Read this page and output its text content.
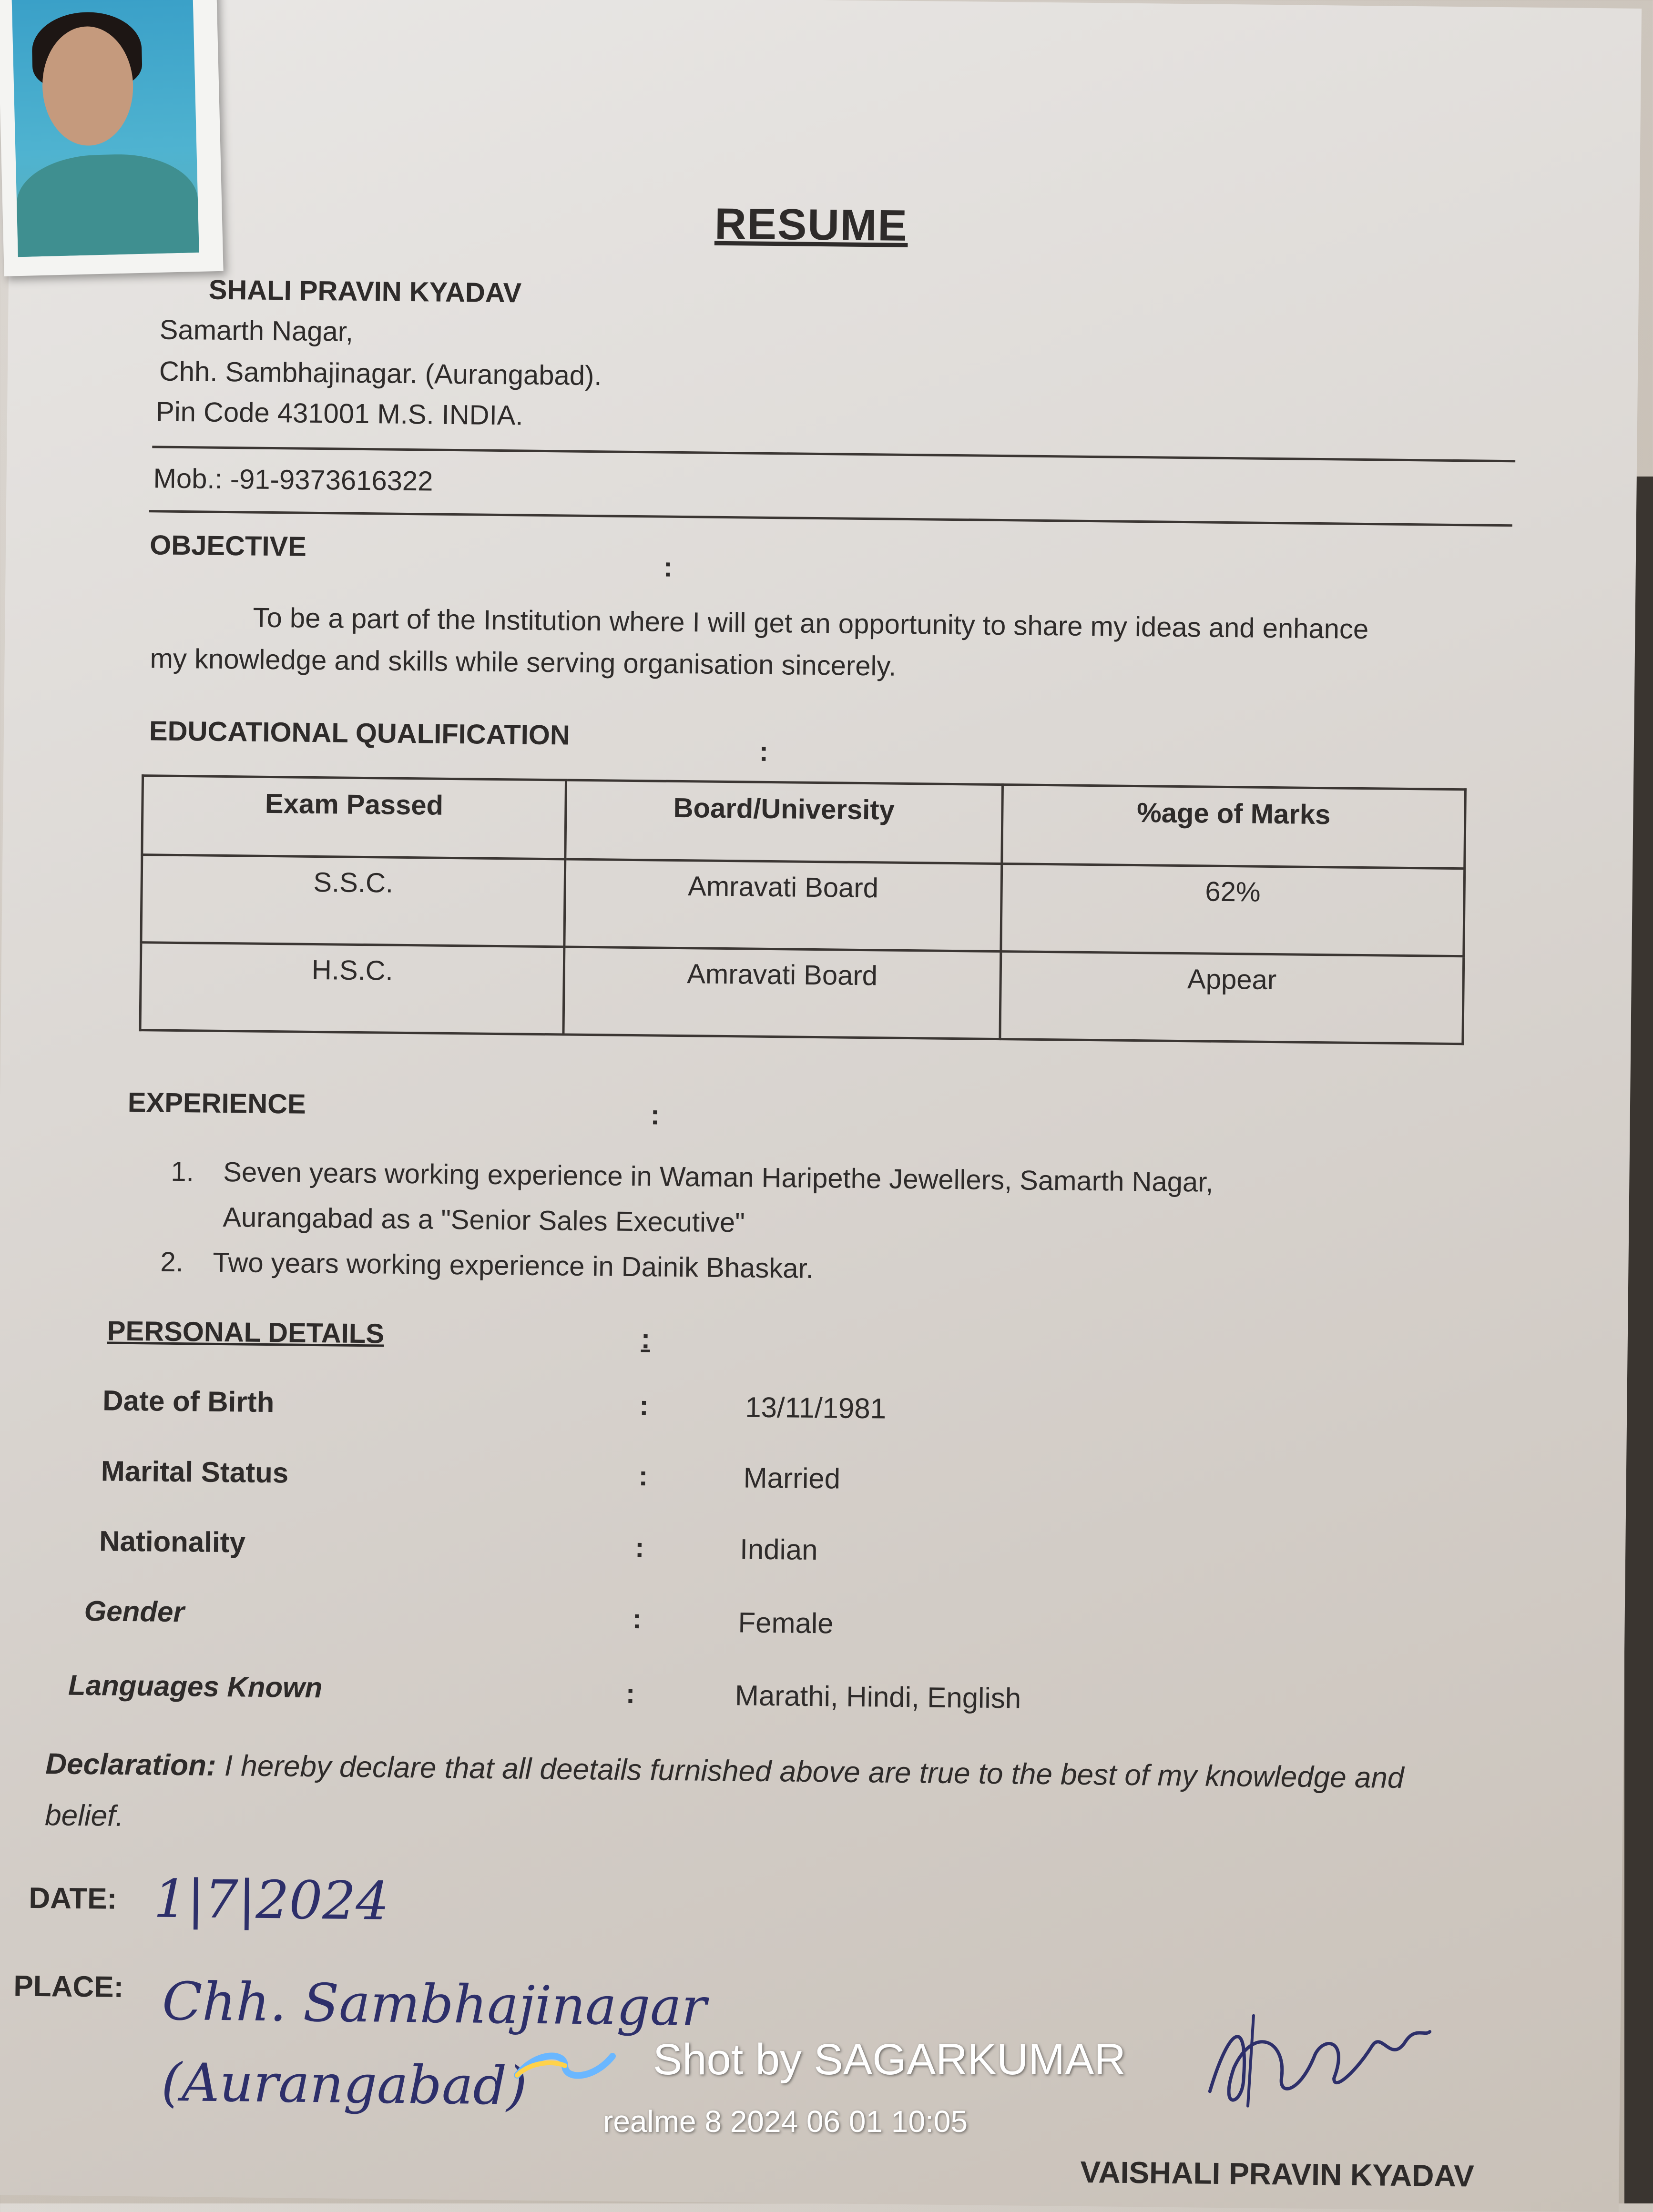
RESUME
SHALI PRAVIN KYADAV
Samarth Nagar,
Chh. Sambhajinagar. (Aurangabad).
Pin Code 431001 M.S. INDIA.
Mob.: -91-9373616322
OBJECTIVE
:
To be a part of the Institution where I will get an opportunity to share my ideas and enhance my knowledge and skills while serving organisation sincerely.
EDUCATIONAL QUALIFICATION
:
Exam Passed	Board/University	%age of Marks
S.S.C.	Amravati Board	62%
H.S.C.	Amravati Board	Appear
EXPERIENCE	:
1. Seven years working experience in Waman Haripethe Jewellers, Samarth Nagar,
Aurangabad as a "Senior Sales Executive"
2. Two years working experience in Dainik Bhaskar.
PERSONAL DETAILS	:
Date of Birth	:	13/11/1981
Marital Status	:	Married
Nationality	:	Indian
Gender	:	Female
Languages Known	:	Marathi, Hindi, English
Declaration: I hereby declare that all deetails furnished above are true to the best of my knowledge and belief.
DATE: 1|7|2024
PLACE: Chh. Sambhajinagar
(Aurangabad)
VAISHALI PRAVIN KYADAV
Shot by SAGARKUMAR
realme 8 2024 06 01 10:05
